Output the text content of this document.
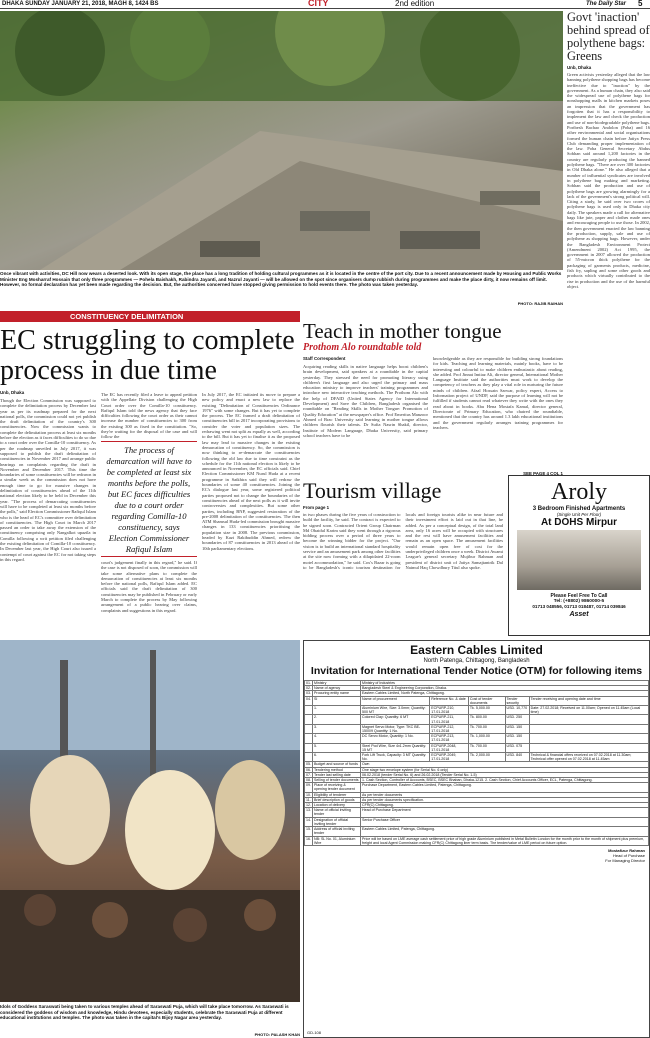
DHAKA SUNDAY JANUARY 21, 2018, MAGH 8, 1424 BS	CITY	2nd edition	The Daily Star 5
Govt 'inaction' behind spread of polythene bags: Greens
Unb, Dhaka
Green activists yesterday alleged that the law banning polythene shopping bags has become ineffective due to "inaction" by the government. As a human chain, they also said the widespread use of polythene bags for nonshopping malls in kitchen markets poses an impression that the government has forgotten that it has a responsibility to implement the law and check the production and use of non-biodegradable polythene bags. Poribesh Bachao Andolon (Poba) and 16 other environmental and social organisations formed the human chain before Jatiya Press Club demanding proper implementation of the law. Poba General Secretary Abdus Sobhan said around 1,200 factories in the country are regularly producing the banned polythene bags. "There are over 300 factories in Old Dhaka alone." He also alleged that a number of influential syndicates are involved in polythene bag making and marketing. Sobhan said the production and use of polythene bags are growing alarmingly for a lack of the government's strong political will. Citing a study, he said over two crores of polythene bags is used only in Dhaka city daily. The speakers made a call for alternative bags like jute, paper and clothes made ones and encouraging people to use those. In 2002, the then government enacted the law banning the production, supply, sale and use of polythene as shopping bags. However, under the Bangladesh Environment Protect (Amendment 2002) Act 1995, the government in 2007 allowed the production of 55-micron thick polythene for the packaging of garments products, medicine, fish fry, sapling and some other goods and products which virtually contributed to the rise in production and the use of the harmful object.
Once vibrant with activities, DC Hill now wears a deserted look. With its open stage, the place has a long tradition of holding cultural programmes as it is located in the centre of the port city. Due to a recent announcement made by Housing and Public Works Minister Eng Mosharraf Hossain that only three programmes — Pohela Baishakh, Rabindra Jayanti, and Nazrul Jayanti — will be allowed on the spot since organisers dump rubbish during programmes and make the place dirty, it now remains off limit. However, no formal declaration has yet been made regarding the decision. But, the authorities concerned have stopped giving permission to hold events there. The photo was taken yesterday.
PHOTO: RAJIB RAIHAN
CONSTITUENCY DELIMITATION
EC struggling to complete process in due time
Unb, Dhaka
Though the Election Commission was supposed to complete the delimitation process by December last year as per its roadmap prepared for the next national polls, the commission could not yet publish the draft delimitation of the country's 300 constituencies. Now the commission wants to complete the delimitation process at least six months before the election as it faces difficulties to do so due to a court order over the Comilla-10 constituency. As per the roadmap unveiled in July 2017, it was supposed to publish the draft delimitation of constituencies in November 2017 and arrange public hearings on complaints regarding the draft in November and December 2017. This time the boundaries of some constituencies will be redrawn in a similar week as the commission does not have enough time to go for massive changes in delimitation of constituencies ahead of the 11th national election likely to be held in December this year. "The process of demarcating constituencies will have to be completed at least six months before the polls," said Election Commissioner Rafiqul Islam who is the head of EC's committee over delimitation of constituencies. The High Court in March 2017 passed an order to take away the extension of the constituency comprising only Nangalkot upazila in Comilla following a writ petition filed challenging the existing delimitation of Comilla-10 constituency. In December last year, the High Court also issued a contempt of court against the EC for not taking steps in this regard.
The EC has recently filed a leave to appeal petition with the Appellate Division challenging the High Court order over the Comilla-10 constituency. Rafiqul Islam told the news agency that they face difficulties following the court order as their cannot increase the number of constituencies to 300 from the existing 300 as fixed in the constitution. "So, they're waiting for the disposal of the case and will follow the
The process of demarcation will have to be completed at least six months before the polls, but EC faces difficulties due to a court order regarding Comilla-10 constituency, says Election Commissioner Rafiqul Islam
court's judgement finally in this regard," he said. If the case is not disposed of soon, the commission will take some alternative plans to complete the demarcation of constituencies at least six months before the national polls, Rafiqul Islam added. EC officials said the draft delimitation of 300 constituencies may be published in February or early March to complete the process by May following arrangement of a public hearing over claims, complaints and suggestions in this regard.
In July 2017, the EC initiated its move to prepare a new policy and enact a new law to replace the existing "Delimitation of Constituencies Ordinance 1976" with some changes. But it has yet to complete the process. The EC framed a draft delimitation of constituencies bill in 2017 incorporating provisions to consider the voter and population sizes. The redrawing went not split as equally as well, according to the bill. But it has yet to finalise it as the proposed law may lead to massive changes in the existing demarcation of constituency. So, the commission is now thinking to re-demarcate the constituencies following the old law due to time constraint as the schedule for the 11th national election is likely to be announced in November, the EC officials said. Chief Election Commissioner KM Nurul Huda at a recent programme in Satkhira said they will redraw the boundaries of some 40 constituencies. Joining the EC's dialogue last year, some registered political parties proposed not to change the boundaries of the constituencies ahead of the next polls as it will invite controversies and complexities. But some other parties, including BNP, suggested restoration of the pre-2008 delimitation of the constituencies. The then ATM Shamsul Huda-led commission brought massive changes in 133 constituencies prioritising the population size in 2008. The previous commission, headed by Kazi Rakibuddin Ahmed, redrew the boundaries of 87 constituencies in 2013 ahead of the 10th parliamentary elections.
Teach in mother tongue
Prothom Alo roundtable told
Staff Correspondent
Acquiring reading skills in native language helps boost children's brain development, said speakers at a roundtable in the capital yesterday. They stressed the need for promoting literacy using children's first language and also urged the primary and mass education ministry to improve teachers' training programmes and introduce new interactive teaching methods. The Prothom Alo with the help of DFAID (United States Agency for International Development) and Save the Children, Bangladesh organised the roundtable on "Reading Skills in Mother Tongue: Promotion of Quality Education" at the newspaper's office. Prof Emeritus Manzoor Ahmed of Brac University said learning in mother tongue allows children flourish their talents. Dr Sufia Nasrin Shakil, director, Institute of Modern Language, Dhaka University, said primary school teachers have to be
knowledgeable as they are responsible for building strong foundations for kids. Teaching and learning materials, mainly books, have to be interesting and colourful to make children enthusiastic about reading, she added. Prof Jinnat Imtiaz Ali, director general, International Mother Language Institute said the authorities must work to develop the competency of teachers as they play a vital role in nurturing the future minds of children. Afzal Hossain Sarwar, policy expert, Access to Information project of UNDP, said the purpose of learning will not be fulfilled if students cannot read whatever they write with the ones they read about in books. Abu Hena Mostafa Kamal, director general, Directorate of Primary Education, who chaired the roundtable, mentioned that the country has around 1.3 lakh educational institutions and the government regularly arranges training programmes for teachers.
SEE PAGE 4 COL 1
Tourism village
From page 1
in two phases during the five years of construction to build the facility, he said. The contract is expected to be signed soon. Contracted Orient Group Chairman Md Obaidul Karim said they went through a rigorous bidding process over a period of three years to become the winning bidder for the project. "Our vision is to build an international standard hospitality service and an amusement park among other facilities at the site now forming with a dilapidated 22-room motel accommodation," he said. Cox's Bazar is going to be Bangladesh's iconic tourism destination for locals and foreign tourists alike in near future and their investment effort is laid out in that line, he added. As per a conceptual design, of the total land area, only 16 acres will be occupied with structures and the rest will have amusement facilities and remain as an open space. The amusement facilities would remain open free of cost for the underprivileged children once a week. District Awami League's general secretary Mujibur Rahman and president of district unit of Jatiya Samajtantrik Dal Naimul Haq Chowdhury Titul also spoke.
Aroly
3 Bedroom Finished Apartments
(Single Unit Per Floor)
At DOHS Mirpur
Please Feel Free To Call
Tel: (+8802) 9860000-5
01713 048556, 01713 018487, 01714 039846
Asset
Idols of Goddess Saraswati being taken to various temples ahead of Saraswati Puja, which will take place tomorrow. As Saraswati is considered the goddess of wisdom and knowledge, Hindu devotees, especially students, celebrate the Saraswati Puja at different educational institutions and temples. The photo was taken in the capital's Bijoy Nagar area yesterday.
PHOTO: PALASH KHAN
Eastern Cables Limited
North Patenga, Chittagong, Bangladesh
Invitation for International Tender Notice (OTM) for following items
01.	Ministry	Ministry of Industries				
02.	Name of agency	Bangladesh Steel & Engineering Corporation, Dhaka.				
03.	Procuring entity name	Eastern Cables Limited, North Patenga, Chittagong.				
04.	SI	Name of procurement	Reference No. & date	Cost of tender documents	Tender security	Tender receiving and opening date and time
	1.	Aluminium Wire, Size: 3.0mm; Quantity: 500 MT	ECPURP-210, 17.01.2018	Tk. 5,000.00	USD. 10,770	Date: 27.02.2018; Received on 11.00am; Opened on 11.45am (Local time)
	2.	Colored Clay: Quantity: 6 MT	ECPURP-211, 17.01.2018	Tk. 800.00	USD. 250	
	3.	Magnet Servo Motor, Type: TKC BE-1500/9 Quantity: 1 No.	ECPURP-212, 17.01.2018	Tk. 700.00	USD. 150	
	4.	DC Servo Motor, Quantity: 1 No.	ECPURP-213, 17.01.2018	Tk. 1,000.00	USD. 150	
	5.	Steel Pod Wire, Size 4x1.2mm Quantity: 15 MT	ECPURP-2048, 17.01.2018	Tk. 700.00	USD. 075	
	6.	Fork Lift Truck, Capacity: 3 MT Quantity: No.	ECPURP-2049, 17.01.2018	Tk. 2,000.00	USD. 840	Technical & financial offers received on 07.02.2018 at 11.30am; Technical offer opened on 07.02.2018 at 11.45am
05.	Budget and source of funds	Own				
06.	Tendering method	One stage two envelope system (for Serial No. 6 only)				
07.	Tender last selling date	06.02.2018 (tender Serial No. 6) and 26.02.2018 (Tender Serial No. 1-5)				
08.	Selling of tender documents	1. Cash Section, Controller of Accounts, BSEC, BSEC Bhaban, Dhaka-1215. 2. Cash Section, Chief Accounts Officer, ECL, Patenga, Chittagong.				
09.	Place of receiving & opening tender document	Purchase Department, Eastern Cables Limited, Patenga, Chittagong.				
10.	Eligibility of tenderer	As per tender documents				
11.	Brief description of goods	As per tender documents specification.				
12.	Location of delivery	CFR(C) Chittagong.				
13.	Name of official inviting tender	Head of Purchase Department				
14.	Designation of official inviting tender	Senior Purchase Officer				
15.	Address of official inviting tender	Eastern Cables Limited, Patenga, Chittagong.				
16.	NB: SL No. 01, Aluminium Wire	Price will be based on LME average cash settlement price of high grade Aluminium published in Metal Bulletin London for the month prior to the month of shipment plus premium, freight and local Agent Commission making CFR(C) Chittagong liner term basis. The tender/value of LME period on future option.				
Mostafizur Rahman
Head of Purchase
For Managing Director
GD-108
